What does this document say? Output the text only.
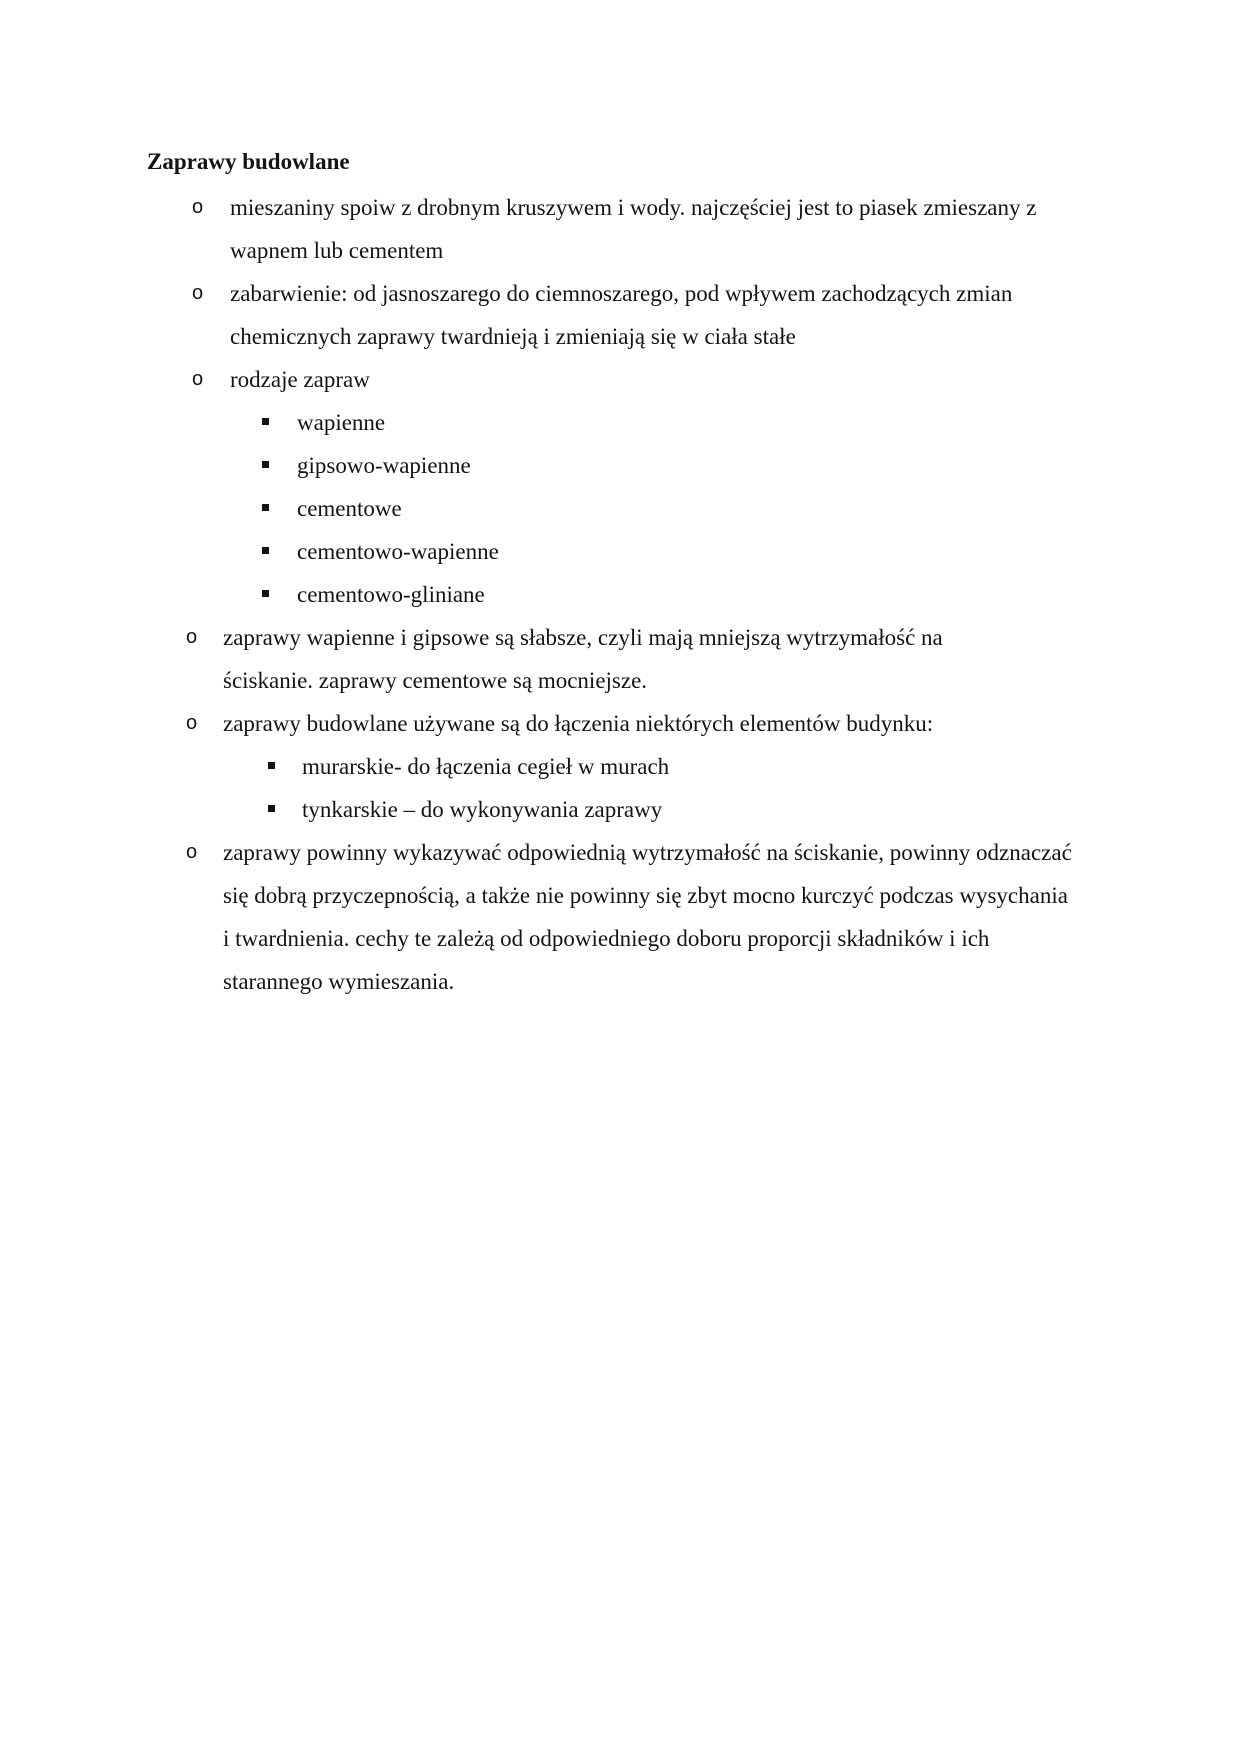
Zaprawy budowlane
o mieszaniny spoiw z drobnym kruszywem i wody. najczęściej jest to piasek zmieszany z wapnem lub cementem
o zabarwienie: od jasnoszarego do ciemnoszarego, pod wpływem zachodzących zmian chemicznych zaprawy twardnieją i zmieniają się w ciała stałe
o rodzaje zapraw
wapienne
gipsowo-wapienne
cementowe
cementowo-wapienne
cementowo-gliniane
o zaprawy wapienne i gipsowe są słabsze, czyli mają mniejszą wytrzymałość na ściskanie. zaprawy cementowe są mocniejsze.
o zaprawy budowlane używane są do łączenia niektórych elementów budynku:
murarskie- do łączenia cegieł w murach
tynkarskie – do wykonywania zaprawy
o zaprawy powinny wykazywać odpowiednią wytrzymałość na ściskanie, powinny odznaczać się dobrą przyczepnością, a także nie powinny się zbyt mocno kurczyć podczas wysychania i twardnienia. cechy te zależą od odpowiedniego doboru proporcji składników i ich starannego wymieszania.
